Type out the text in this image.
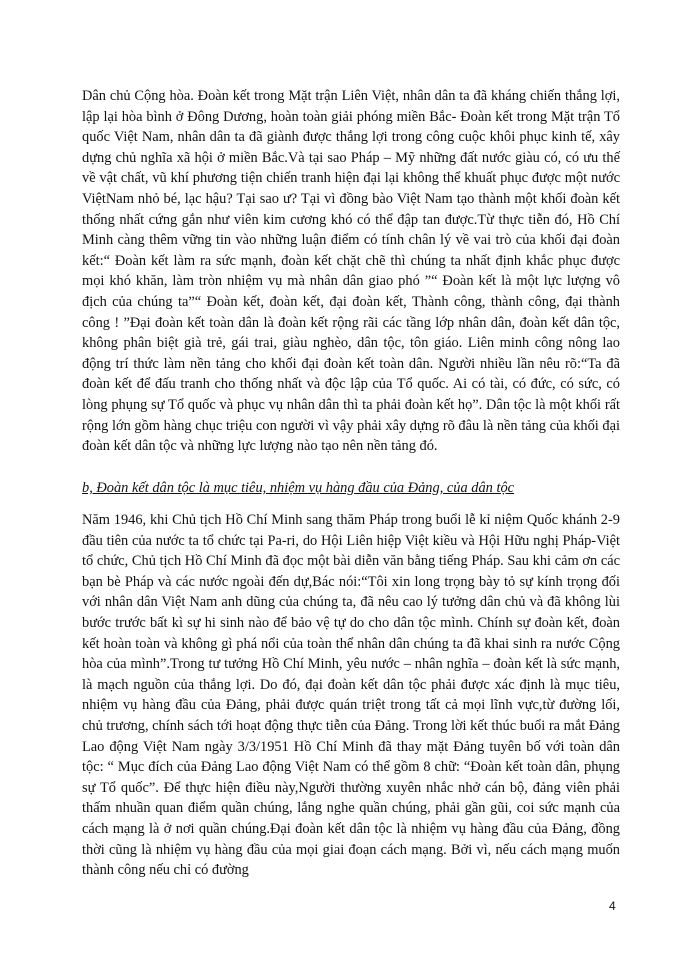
Dân chủ Cộng hòa. Đoàn kết trong Mặt trận Liên Việt, nhân dân ta đã kháng chiến thắng lợi, lập lại hòa bình ở Đông Dương, hoàn toàn giải phóng miền Bắc- Đoàn kết trong Mặt trận Tổ quốc Việt Nam, nhân dân ta đã giành được thắng lợi trong công cuộc khôi phục kinh tế, xây dựng chủ nghĩa xã hội ở miền Bắc.Và tại sao Pháp – Mỹ những đất nước giàu có, có ưu thế về vật chất, vũ khí phương tiện chiến tranh hiện đại lại không thể khuất phục được một nước ViệtNam nhỏ bé, lạc hậu? Tại sao ư? Tại vì đồng bào Việt Nam tạo thành một khối đoàn kết thống nhất cứng gắn như viên kim cương khó có thể đập tan được.Từ thực tiễn đó, Hồ Chí Minh càng thêm vững tin vào những luận điểm có tính chân lý về vai trò của khối đại đoàn kết:“ Đoàn kết làm ra sức mạnh, đoàn kết chặt chẽ thì chúng ta nhất định khắc phục được mọi khó khăn, làm tròn nhiệm vụ mà nhân dân giao phó ”“ Đoàn kết là một lực lượng vô địch của chúng ta”“ Đoàn kết, đoàn kết, đại đoàn kết, Thành công, thành công, đại thành công ! ”Đại đoàn kết toàn dân là đoàn kết rộng rãi các tầng lớp nhân dân, đoàn kết dân tộc, không phân biệt già trẻ, gái trai, giàu nghèo, dân tộc, tôn giáo. Liên minh công nông lao động trí thức làm nền tảng cho khối đại đoàn kết toàn dân. Người nhiều lần nêu rõ:“Ta đã đoàn kết để đấu tranh cho thống nhất và độc lập của Tổ quốc. Ai có tài, có đức, có sức, có lòng phụng sự Tổ quốc và phục vụ nhân dân thì ta phải đoàn kết họ”. Dân tộc là một khối rất rộng lớn gồm hàng chục triệu con người vì vậy phải xây dựng rõ đâu là nền tảng của khối đại đoàn kết dân tộc và những lực lượng nào tạo nên nền tảng đó.

b, Đoàn kết dân tộc là mục tiêu, nhiệm vụ hàng đầu của Đảng, của dân tộc

Năm 1946, khi Chủ tịch Hồ Chí Minh sang thăm Pháp trong buổi lễ kỉ niệm Quốc khánh 2-9 đầu tiên của nước ta tổ chức tại Pa-ri, do Hội Liên hiệp Việt kiều và Hội Hữu nghị Pháp-Việt tổ chức, Chủ tịch Hồ Chí Minh đã đọc một bài diễn văn bằng tiếng Pháp. Sau khi cảm ơn các bạn bè Pháp và các nước ngoài đến dự,Bác nói:“Tôi xin long trọng bày tỏ sự kính trọng đối với nhân dân Việt Nam anh dũng của chúng ta, đã nêu cao lý tưởng dân chủ và đã không lùi bước trước bất kì sự hi sinh nào để bảo vệ tự do cho dân tộc mình. Chính sự đoàn kết, đoàn kết hoàn toàn và không gì phá nổi của toàn thể nhân dân chúng ta đã khai sinh ra nước Cộng hòa của mình”.Trong tư tưởng Hồ Chí Minh, yêu nước – nhân nghĩa – đoàn kết là sức mạnh, là mạch nguồn của thắng lợi. Do đó, đại đoàn kết dân tộc phải được xác định là mục tiêu, nhiệm vụ hàng đầu của Đảng, phải được quán triệt trong tất cả mọi lĩnh vực,từ đường lối, chủ trương, chính sách tới hoạt động thực tiễn của Đảng. Trong lời kết thúc buổi ra mắt Đảng Lao động Việt Nam ngày 3/3/1951 Hồ Chí Minh đã thay mặt Đảng tuyên bố với toàn dân tộc: “ Mục đích của Đảng Lao động Việt Nam có thể gồm 8 chữ: “Đoàn kết toàn dân, phụng sự Tổ quốc”. Để thực hiện điều này,Người thường xuyên nhắc nhở cán bộ, đảng viên phải thấm nhuần quan điểm quần chúng, lắng nghe quần chúng, phải gần gũi, coi sức mạnh của cách mạng là ở nơi quần chúng.Đại đoàn kết dân tộc là nhiệm vụ hàng đầu của Đảng, đồng thời cũng là nhiệm vụ hàng đầu của mọi giai đoạn cách mạng. Bởi vì, nếu cách mạng muốn thành công nếu chỉ có đường

4
